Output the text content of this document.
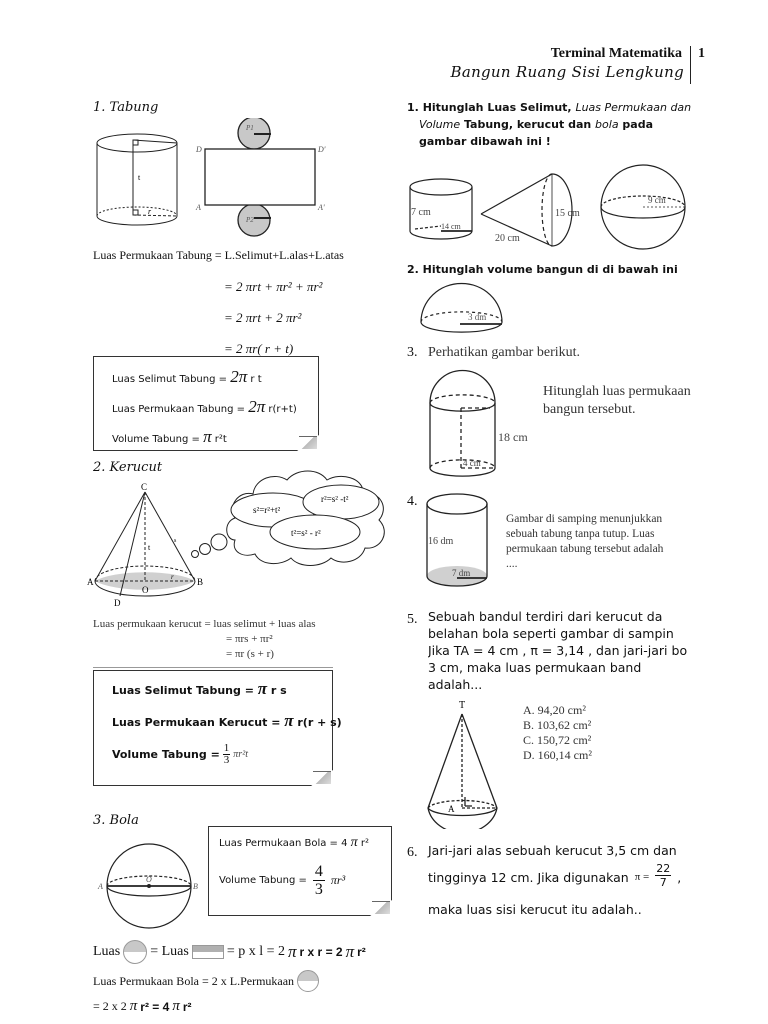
Terminal Matematika
Bangun Ruang Sisi Lengkung
1
1. Tabung
t
r
D	D'
A	A'
P1
P2
Luas Permukaan Tabung = L.Selimut+L.alas+L.atas
= 2 πrt + πr² + πr²
= 2 πrt + 2 πr²
= 2 πr( r + t)
Luas Selimut Tabung = 2π r t
Luas Permukaan Tabung = 2π r(r+t)
Volume Tabung = π r²t
2. Kerucut
C
A	B
O
D
t
s
r
s²=r²+t²
r²=s² -t²
t²=s² - r²
Luas permukaan kerucut = luas selimut + luas alas
= πrs + πr²
= πr (s + r)
Luas Selimut Tabung = π r s
Luas Permukaan Kerucut = π r(r + s)
Volume Tabung = $\frac{1}{3} \pi r^2t$
3. Bola
A	B
O
Luas Permukaan Bola = 4 π r²
Volume Tabung = $\frac{4}{3} \pi r^3$
Luas = Luas	= p x l = 2 π r x r = 2 π r²
Luas Permukaan Bola = 2 x L.Permukaan
= 2 x 2 π r² = 4 π r²
1. Hitunglah Luas Selimut, Luas Permukaan dan
Volume Tabung, kerucut dan bola pada
gambar dibawah ini !
7 cm
14 cm
20 cm
15 cm
9 cm
2. Hitunglah volume bangun di di bawah ini
3 dm
3. Perhatikan gambar berikut.
18 cm
4 cm
Hitunglah luas permukaan
bangun tersebut.
4.
16 dm
7 dm
Gambar di samping menunjukkan
sebuah tabung tanpa tutup. Luas
permukaan tabung tersebut adalah
....
5. Sebuah bandul terdiri dari kerucut da
belahan bola seperti gambar di sampin
Jika TA = 4 cm , π = 3,14 , dan jari-jari bo
3 cm, maka luas permukaan band
adalah...
T
A
A. 94,20 cm²
B. 103,62 cm²
C. 150,72 cm²
D. 160,14 cm²
6. Jari-jari alas sebuah kerucut 3,5 cm dan
tingginya 12 cm. Jika digunakan $\pi = \frac{22}{7}$ ,
maka luas sisi kerucut itu adalah..
